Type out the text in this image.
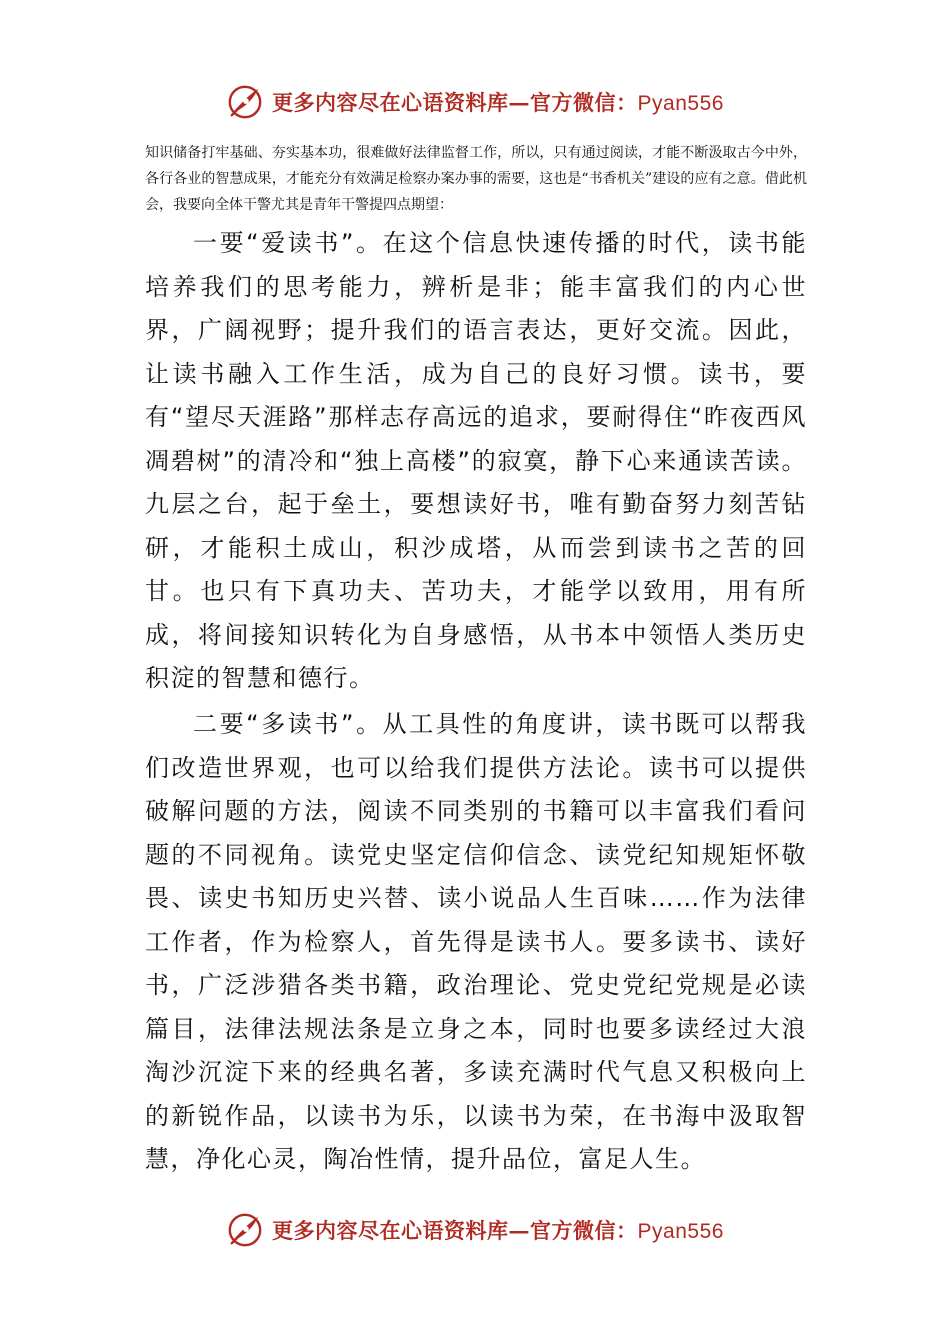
更多内容尽在心语资料库—官方微信：Pyan556

知识储备打牢基础、夯实基本功，很难做好法律监督工作，所以，只有通过阅读，才能不断汲取古今中外，各行各业的智慧成果，才能充分有效满足检察办案办事的需要，这也是“书香机关”建设的应有之意。借此机会，我要向全体干警尤其是青年干警提四点期望：

一要“爱读书”。在这个信息快速传播的时代，读书能培养我们的思考能力，辨析是非；能丰富我们的内心世界，广阔视野；提升我们的语言表达，更好交流。因此，让读书融入工作生活，成为自己的良好习惯。读书，要有“望尽天涯路”那样志存高远的追求，要耐得住“昨夜西风凋碧树”的清冷和“独上高楼”的寂寞，静下心来通读苦读。九层之台，起于垒土，要想读好书，唯有勤奋努力刻苦钻研，才能积土成山，积沙成塔，从而尝到读书之苦的回甘。也只有下真功夫、苦功夫，才能学以致用，用有所成，将间接知识转化为自身感悟，从书本中领悟人类历史积淀的智慧和德行。

二要“多读书”。从工具性的角度讲，读书既可以帮我们改造世界观，也可以给我们提供方法论。读书可以提供破解问题的方法，阅读不同类别的书籍可以丰富我们看问题的不同视角。读党史坚定信仰信念、读党纪知规矩怀敬畏、读史书知历史兴替、读小说品人生百味……作为法律工作者，作为检察人，首先得是读书人。要多读书、读好书，广泛涉猎各类书籍，政治理论、党史党纪党规是必读篇目，法律法规法条是立身之本，同时也要多读经过大浪淘沙沉淀下来的经典名著，多读充满时代气息又积极向上的新锐作品，以读书为乐，以读书为荣，在书海中汲取智慧，净化心灵，陶冶性情，提升品位，富足人生。

更多内容尽在心语资料库—官方微信：Pyan556
